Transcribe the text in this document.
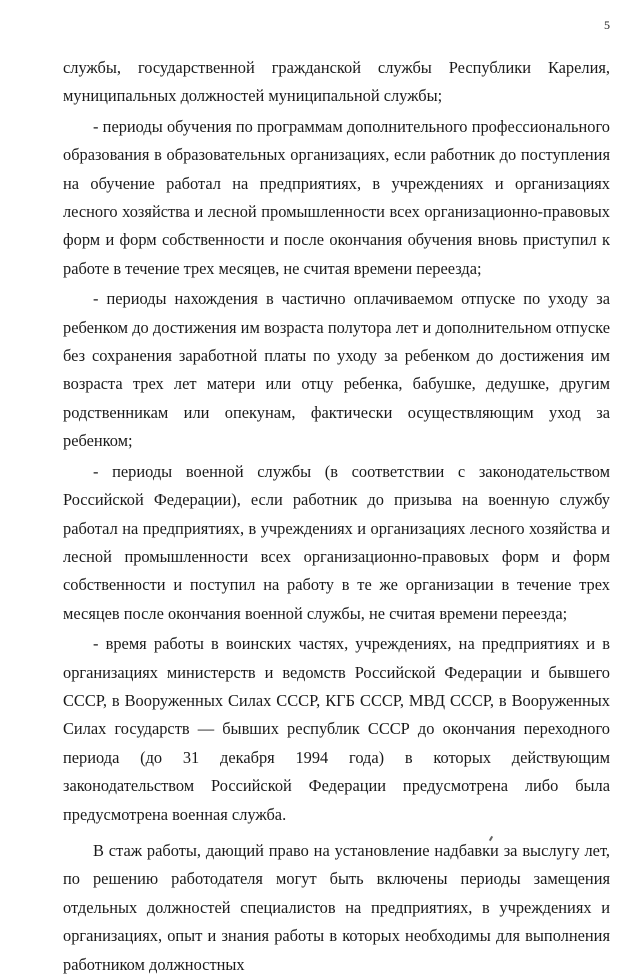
5

службы, государственной гражданской службы Республики Карелия, муниципальных должностей муниципальной службы;

- периоды обучения по программам дополнительного профессионального образования в образовательных организациях, если работник до поступления на обучение работал на предприятиях, в учреждениях и организациях лесного хозяйства и лесной промышленности всех организационно-правовых форм и форм собственности и после окончания обучения вновь приступил к работе в течение трех месяцев, не считая времени переезда;

- периоды нахождения в частично оплачиваемом отпуске по уходу за ребенком до достижения им возраста полутора лет и дополнительном отпуске без сохранения заработной платы по уходу за ребенком до достижения им возраста трех лет матери или отцу ребенка, бабушке, дедушке, другим родственникам или опекунам, фактически осуществляющим уход за ребенком;

- периоды военной службы (в соответствии с законодательством Российской Федерации), если работник до призыва на военную службу работал на предприятиях, в учреждениях и организациях лесного хозяйства и лесной промышленности всех организационно-правовых форм и форм собственности и поступил на работу в те же организации в течение трех месяцев после окончания военной службы, не считая времени переезда;

- время работы в воинских частях, учреждениях, на предприятиях и в организациях министерств и ведомств Российской Федерации и бывшего СССР, в Вооруженных Силах СССР, КГБ СССР, МВД СССР, в Вооруженных Силах государств — бывших республик СССР до окончания переходного периода (до 31 декабря 1994 года) в которых действующим законодательством Российской Федерации предусмотрена либо была предусмотрена военная служба.

В стаж работы, дающий право на установление надбавки за выслугу лет, по решению работодателя могут быть включены периоды замещения отдельных должностей специалистов на предприятиях, в учреждениях и организациях, опыт и знания работы в которых необходимы для выполнения работником должностных
